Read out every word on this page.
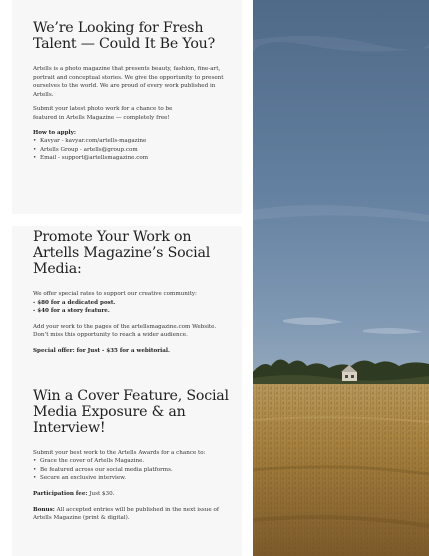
We’re Looking for Fresh Talent — Could It Be You?

Artells is a photo magazine that presents beauty, fashion, fine-art, portrait and conceptual stories. We give the opportunity to present ourselves to the world. We are proud of every work published in Artells.

Submit your latest photo work for a chance to be featured in Artells Magazine — completely free!

How to apply:

• Kavyar - kavyar.com/artells-magazine
• Artells Group - artells@group.com
• Email - support@artellsmagazine.com
Promote Your Work on Artells Magazine’s Social Media:

We offer special rates to support our creative community:

- $80 for a dedicated post.

- $40 for a story feature.

Add your work to the pages of the artellsmagazine.com Website. Don’t miss this opportunity to reach a wider audience.

Special offer: for Just - $35 for a webitorial.

Win a Cover Feature, Social Media Exposure & an Interview!

Submit your best work to the Artells Awards for a chance to:

• Grace the cover of Artells Magazine.
• Be featured across our social media platforms.
• Secure an exclusive interview.

Participation fee: Just $30.

Bonus: All accepted entries will be published in the next issue of Artells Magazine (print & digital).
